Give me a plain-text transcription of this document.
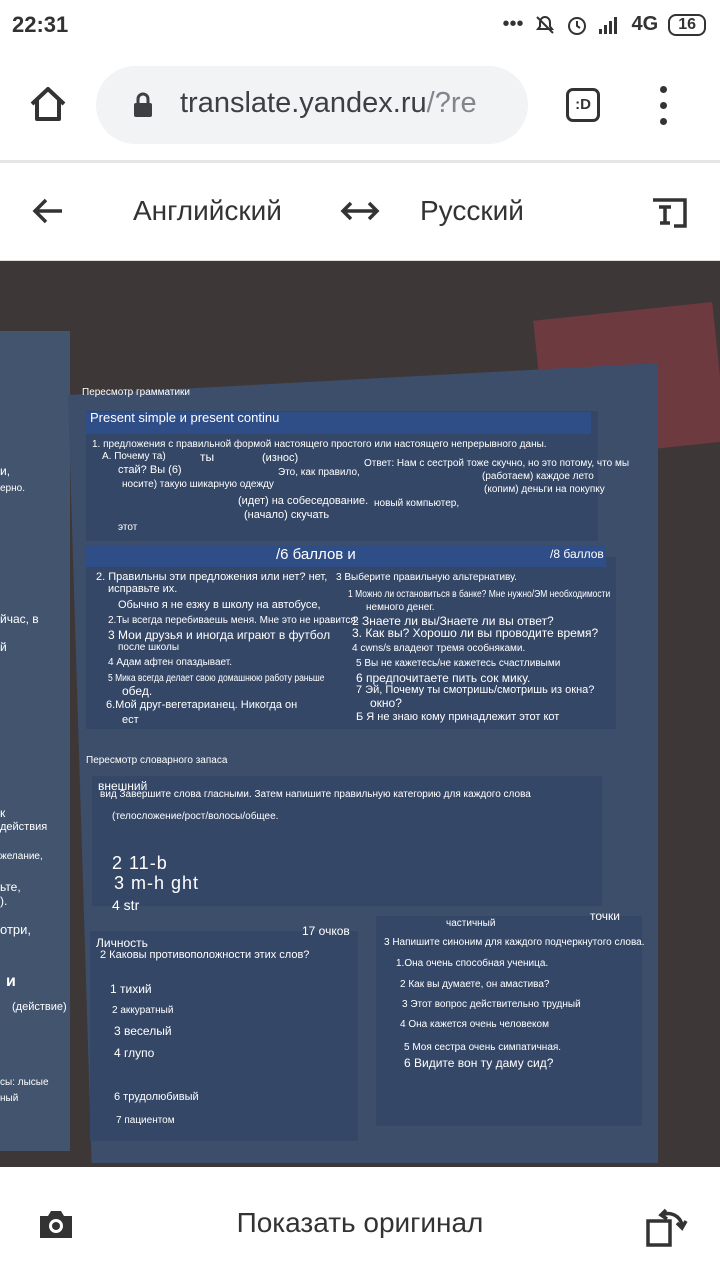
22:31	•••	4G	16
translate.yandex.ru/?re	:D
Английский	Русский
и,
ерно.
йчас, в
й
к
действия
желание,
ьте,
).
отри,
и
(действие)
сы: лысые
ный
Пересмотр грамматики
Present simple и present continu
1. предложения с правильной формой настоящего простого или настоящего непрерывного даны.
А. Почему та)	ты	(износ)
стай? Вы (6)	Это, как правило,
Ответ: Нам с сестрой тоже скучно, но это потому, что мы
носите) такую шикарную одежду
(работаем) каждое лето
(копим) деньги на покупку
(идет) на собеседование. новый компьютер,
(начало) скучать
этот
/6 баллов и	/8 баллов
2. Правильны эти предложения или нет? нет,
исправьте их.
3 Выберите правильную альтернативу.
Обычно я не езжу в школу на автобусе,
1 Можно ли остановиться в банке? Мне нужно/ЭМ необходимости
немного денег.
2.Ты всегда перебиваешь меня. Мне это не нравится.
2 Знаете ли вы/Знаете ли вы ответ?
3 Мои друзья и иногда играют в футбол 3. Как вы? Хорошо ли вы проводите время?
после школы	4 cwns/s владеют тремя особняками.
4 Адам афтен опаздывает.	5 Вы не кажетесь/не кажетесь счастливыми
5 Мика всегда делает свою домашнюю работу раньше	6 предпочитаете пить сок мику.
обед.	7 Эй, Почему ты смотришь/смотришь из окна?
6.Мой друг-вегетарианец. Никогда он	окно?
ест	Б Я не знаю кому принадлежит этот кот
Пересмотр словарного запаса
внешний
вид Завершите слова гласными. Затем напишите правильную категорию для каждого слова
(телосложение/рост/волосы/общее.
2 11-b
3 m-h ght
4 str
17 очков
точки
частичный
Личность	3 Напишите синоним для каждого подчеркнутого слова.
2 Каковы противоположности этих слов?
1.Она очень способная ученица.
1 тихий	2 Как вы думаете, он амастива?
2 аккуратный
3 Этот вопрос действительно трудный
3 веселый	4 Она кажется очень человеком
4 глупо	5 Моя сестра очень симпатичная.
6 Видите вон ту даму сид?
6 трудолюбивый
7 пациентом
Показать оригинал
